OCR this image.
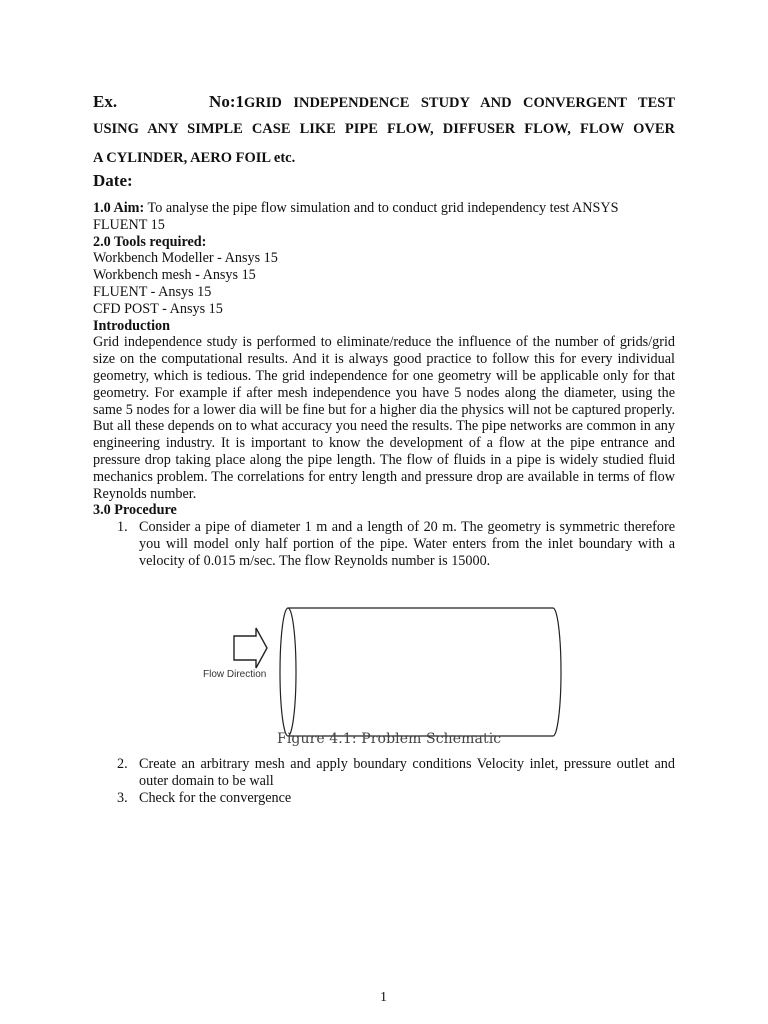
Ex. No:1GRID INDEPENDENCE STUDY AND CONVERGENT TEST
USING ANY SIMPLE CASE LIKE PIPE FLOW, DIFFUSER FLOW, FLOW OVER
A CYLINDER, AERO FOIL etc.
Date:

1.0 Aim: To analyse the pipe flow simulation and to conduct grid independency test ANSYS FLUENT 15

2.0 Tools required:

Workbench Modeller - Ansys 15

Workbench mesh - Ansys 15

FLUENT - Ansys 15

CFD POST - Ansys 15

Introduction

Grid independence study is performed to eliminate/reduce the influence of the number of grids/grid size on the computational results. And it is always good practice to follow this for every individual geometry, which is tedious. The grid independence for one geometry will be applicable only for that geometry. For example if after mesh independence you have 5 nodes along the diameter, using the same 5 nodes for a lower dia will be fine but for a higher dia the physics will not be captured properly. But all these depends on to what accuracy you need the results. The pipe networks are common in any engineering industry. It is important to know the development of a flow at the pipe entrance and pressure drop taking place along the pipe length. The flow of fluids in a pipe is widely studied fluid mechanics problem. The correlations for entry length and pressure drop are available in terms of flow Reynolds number.

3.0 Procedure

1. Consider a pipe of diameter 1 m and a length of 20 m. The geometry is symmetric therefore you will model only half portion of the pipe. Water enters from the inlet boundary with a velocity of 0.015 m/sec. The flow Reynolds number is 15000.
Flow Direction
Figure 4.1: Problem Schematic
2. Create an arbitrary mesh and apply boundary conditions Velocity inlet, pressure outlet and outer domain to be wall
3. Check for the convergence
1
